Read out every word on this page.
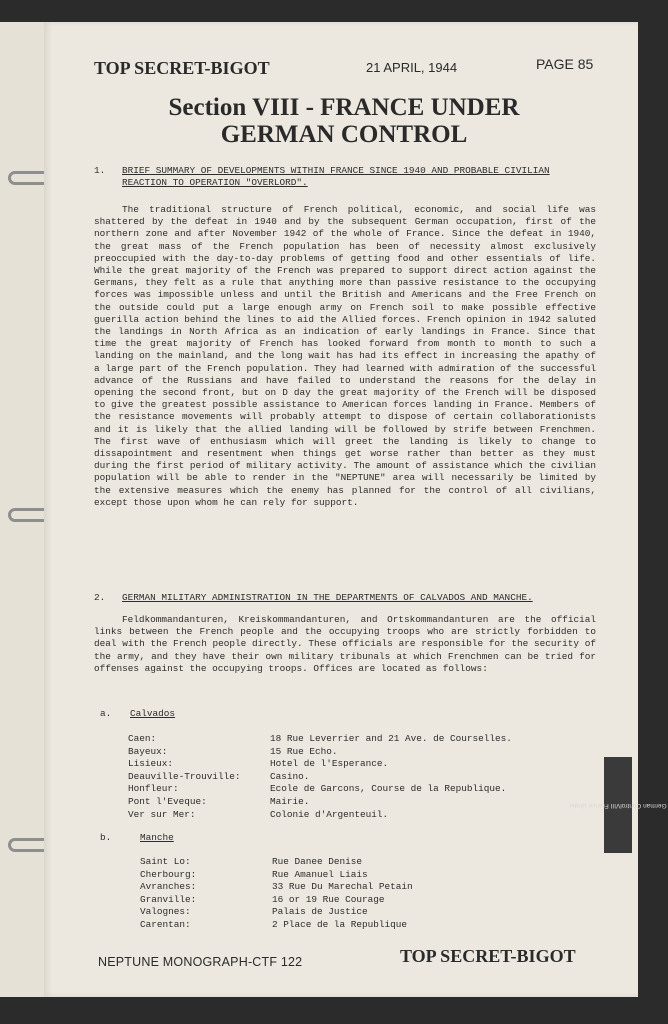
TOP SECRET-BIGOT	21 APRIL, 1944	PAGE 85
Section VIII - FRANCE UNDER
GERMAN CONTROL
1. BRIEF SUMMARY OF DEVELOPMENTS WITHIN FRANCE SINCE 1940 AND PROBABLE CIVILIAN REACTION TO OPERATION "OVERLORD".

The traditional structure of French political, economic, and social life was shattered by the defeat in 1940 and by the subsequent German occupation, first of the northern zone and after November 1942 of the whole of France. Since the defeat in 1940, the great mass of the French population has been of necessity almost exclusively preoccupied with the day-to-day problems of getting food and other essentials of life. While the great majority of the French was prepared to support direct action against the Germans, they felt as a rule that anything more than passive resistance to the occupying forces was impossible unless and until the British and Americans and the Free French on the outside could put a large enough army on French soil to make possible effective guerilla action behind the lines to aid the Allied forces. French opinion in 1942 saluted the landings in North Africa as an indication of early landings in France. Since that time the great majority of French has looked forward from month to month to such a landing on the mainland, and the long wait has had its effect in increasing the apathy of a large part of the French population. They had learned with admiration of the successful advance of the Russians and have failed to understand the reasons for the delay in opening the second front, but on D day the great majority of the French will be disposed to give the greatest possible assistance to American forces landing in France. Members of the resistance movements will probably attempt to dispose of certain collaborationists and it is likely that the allied landing will be followed by strife between Frenchmen. The first wave of enthusiasm which will greet the landing is likely to change to dissapointment and resentment when things get worse rather than better as they must during the first period of military activity. The amount of assistance which the civilian population will be able to render in the "NEPTUNE" area will necessarily be limited by the extensive measures which the enemy has planned for the control of all civilians, except those upon whom he can rely for support.

2. GERMAN MILITARY ADMINISTRATION IN THE DEPARTMENTS OF CALVADOS AND MANCHE.

Feldkommandanturen, Kreiskommandanturen, and Ortskommandanturen are the official links between the French people and the occupying troops who are strictly forbidden to deal with the French people directly. These officials are responsible for the security of the army, and they have their own military tribunals at which Frenchmen can be tried for offenses against the occupying troops. Offices are located as follows:

a. Calvados
Caen:	18 Rue Leverrier and 21 Ave. de Courselles.
Bayeux:	15 Rue Echo.
Lisieux:	Hotel de l'Esperance.
Deauville-Trouville:	Casino.
Honfleur:	Ecole de Garcons, Course de la Republique.
Pont l'Eveque:	Mairie.
Ver sur Mer:	Colonie d'Argenteuil.
b.	Manche
Saint Lo:	Rue Danee Denise
Cherbourg:	Rue Amanuel Liais
Avranches:	33 Rue Du Marechal Petain
Granville:	16 or 19 Rue Courage
Valognes:	Palais de Justice
Carentan:	2 Place de la Republique
NEPTUNE MONOGRAPH-CTF 122	TOP SECRET-BIGOT
VIII France Under German Control
